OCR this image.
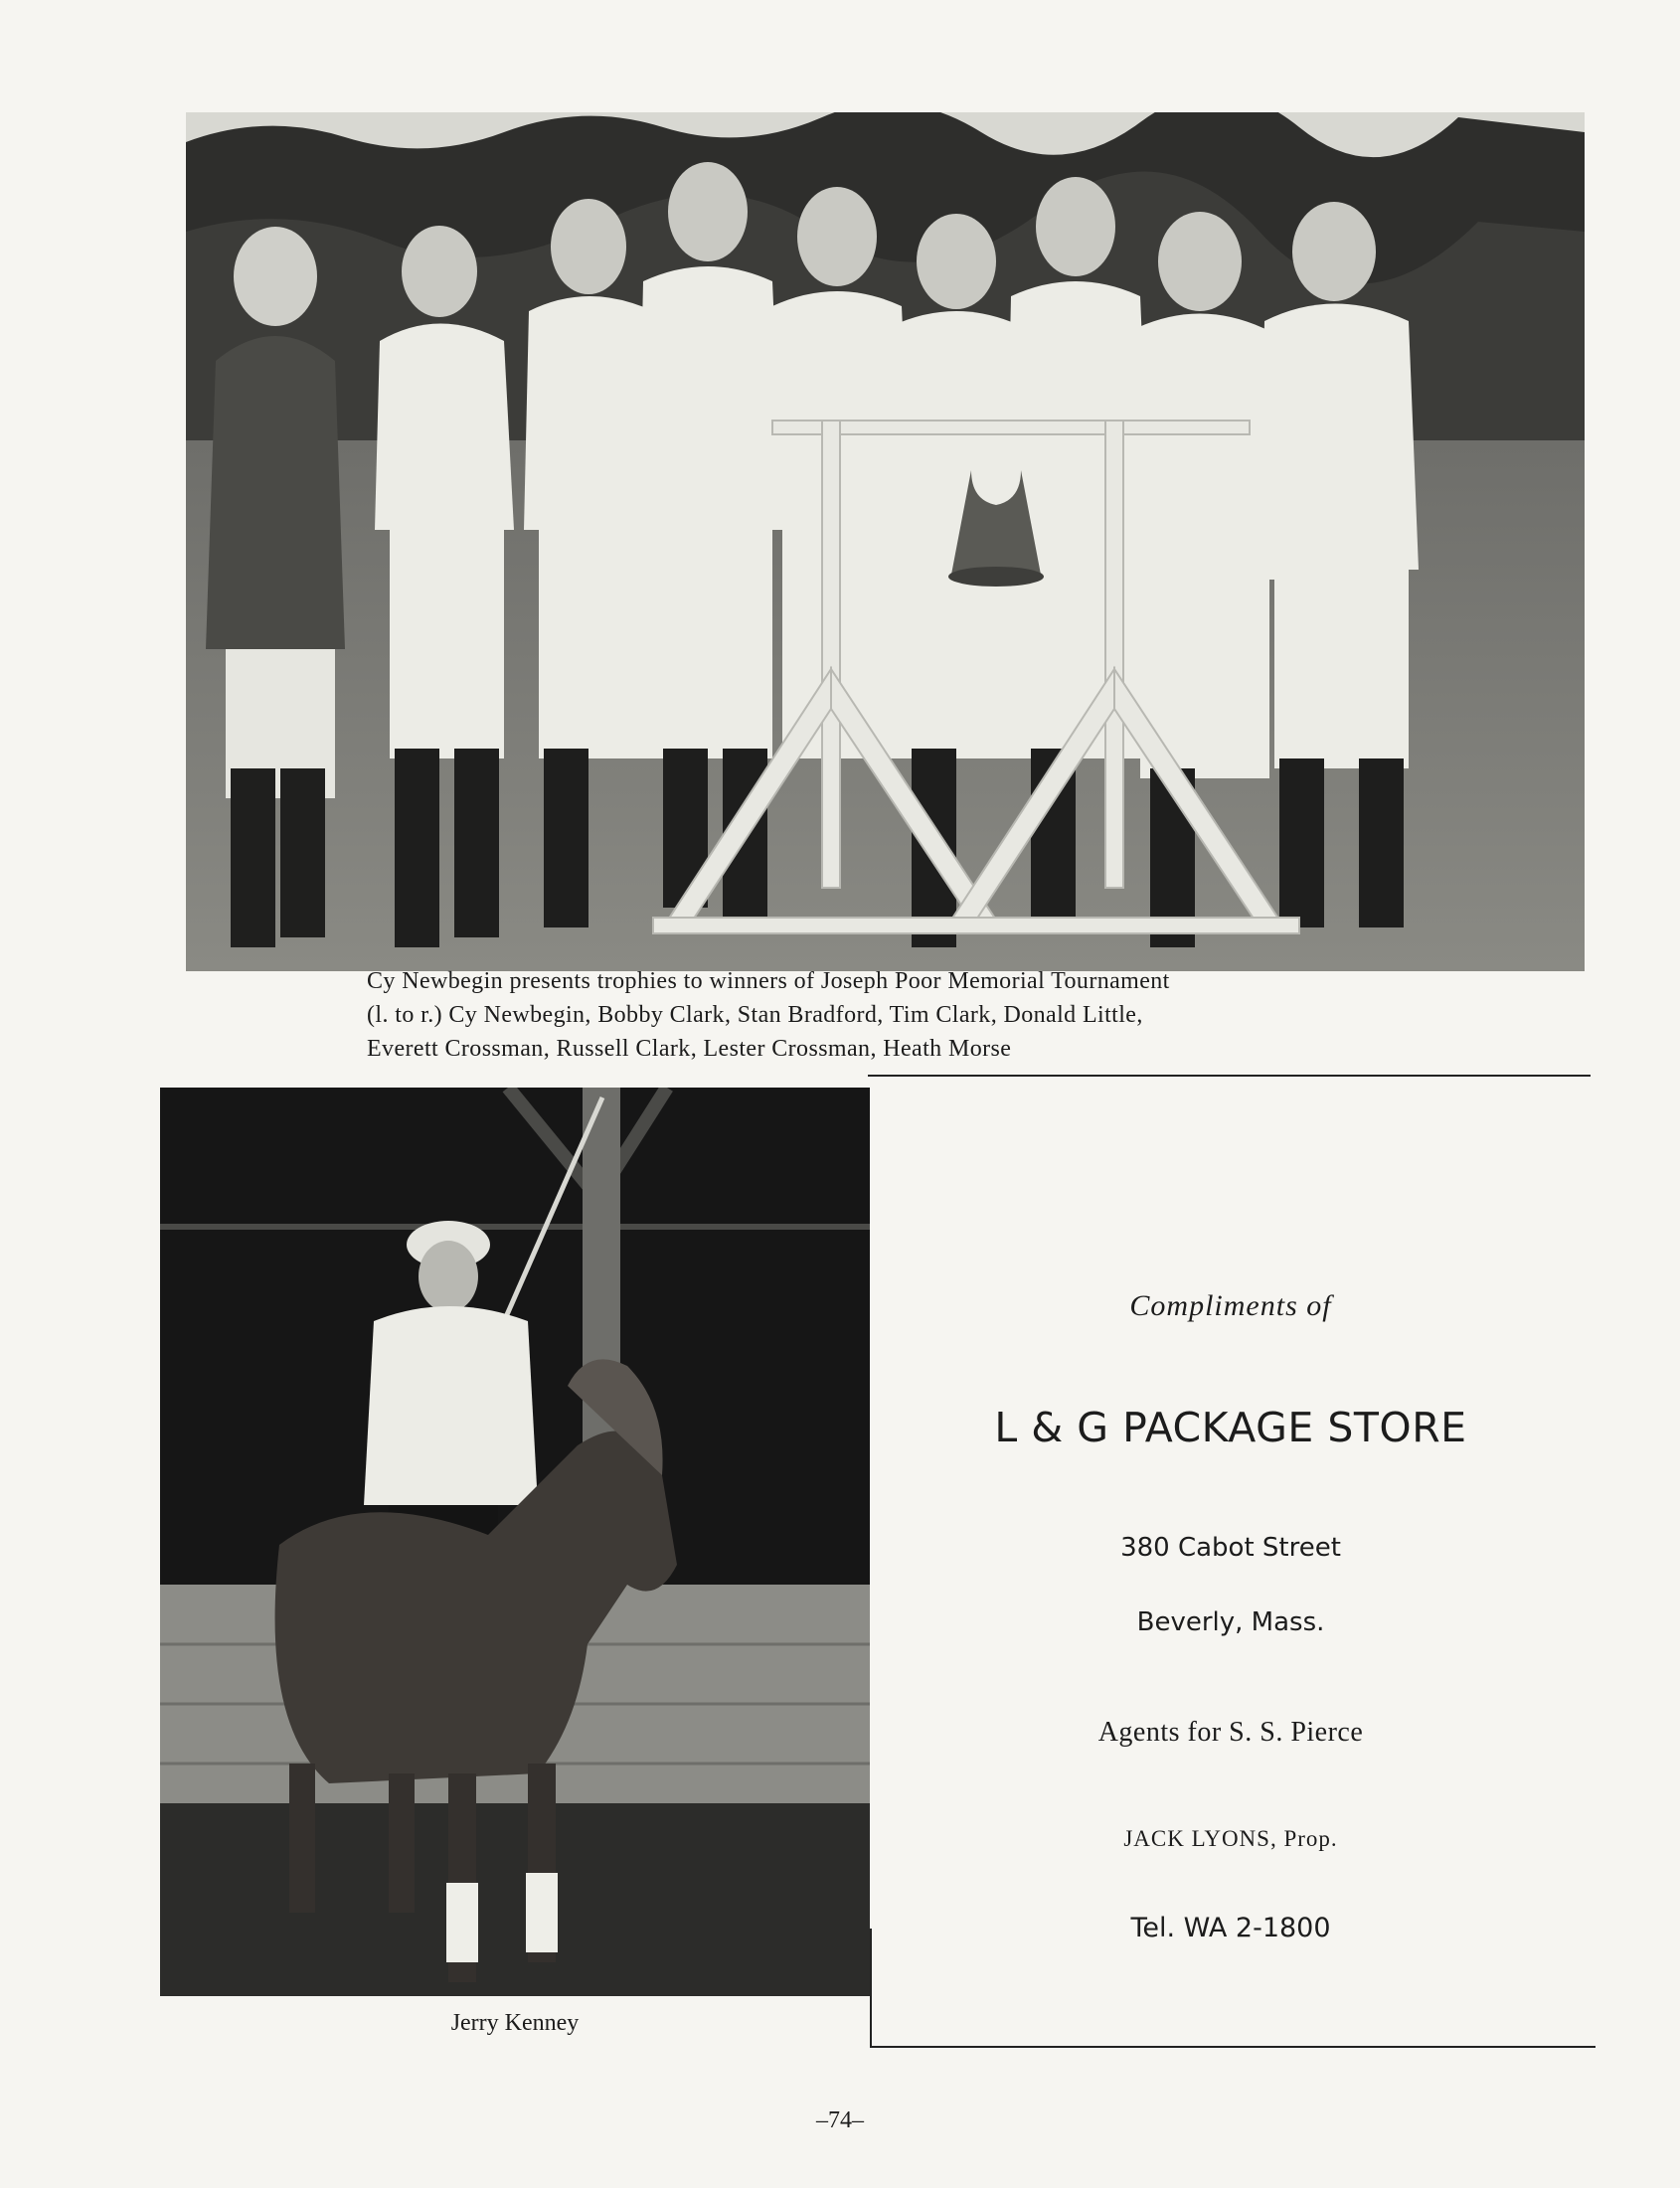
Cy Newbegin presents trophies to winners of Joseph Poor Memorial Tournament
(l. to r.) Cy Newbegin, Bobby Clark, Stan Bradford, Tim Clark, Donald Little,
Everett Crossman, Russell Clark, Lester Crossman, Heath Morse
Jerry Kenney
Compliments of
L & G PACKAGE STORE
380 Cabot Street
Beverly, Mass.
Agents for S. S. Pierce
JACK LYONS, Prop.
Tel. WA 2-1800
–74–
